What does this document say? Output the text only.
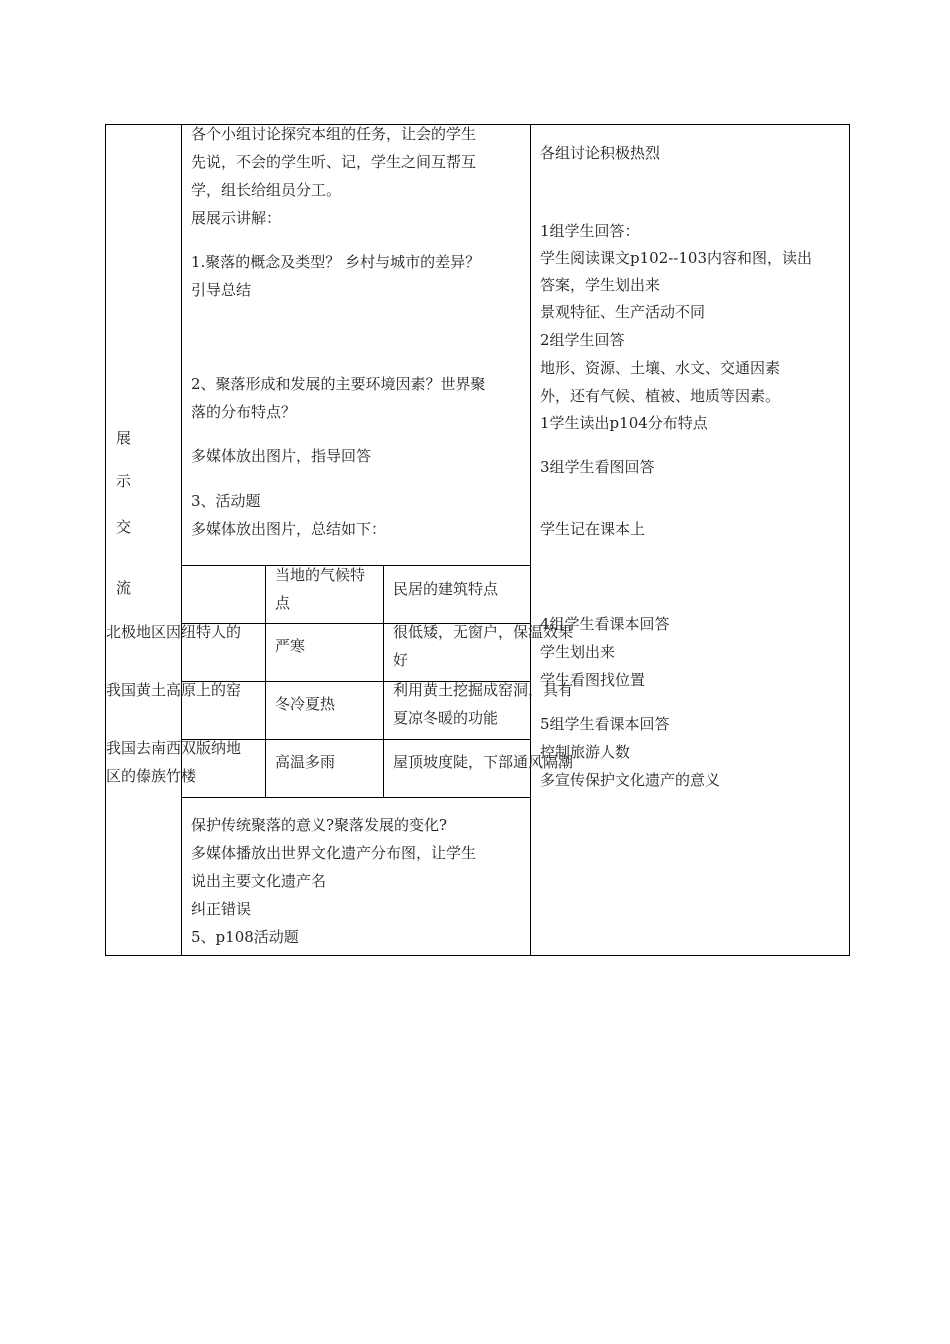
展
示
交
流
各个小组讨论探究本组的任务，让会的学生
先说，不会的学生听、记，学生之间互帮互
学，组长给组员分工。
展展示讲解：
1.聚落的概念及类型？ 乡村与城市的差异？
引导总结
2、聚落形成和发展的主要环境因素？世界聚
落的分布特点？
多媒体放出图片，指导回答
3、活动题
多媒体放出图片，总结如下：
当地的气候特
点
民居的建筑特点
北极地区因纽特人的
严寒
很低矮，无窗户，保温效果
好
我国黄土高原上的窑
冬冷夏热
利用黄土挖掘成窑洞，具有
夏凉冬暖的功能
我国去南西双版纳地
区的傣族竹楼
高温多雨	屋顶坡度陡，下部通风隔潮
保护传统聚落的意义?聚落发展的变化?
多媒体播放出世界文化遗产分布图，让学生
说出主要文化遗产名
纠正错误
5、p108活动题
各组讨论积极热烈
1组学生回答：
学生阅读课文p102--103内容和图，读出
答案，学生划出来
景观特征、生产活动不同
2组学生回答
地形、资源、土壤、水文、交通因素
外，还有气候、植被、地质等因素。
1学生读出p104分布特点
3组学生看图回答
学生记在课本上
4组学生看课本回答
学生划出来
学生看图找位置
5组学生看课本回答
控制旅游人数
多宣传保护文化遗产的意义
